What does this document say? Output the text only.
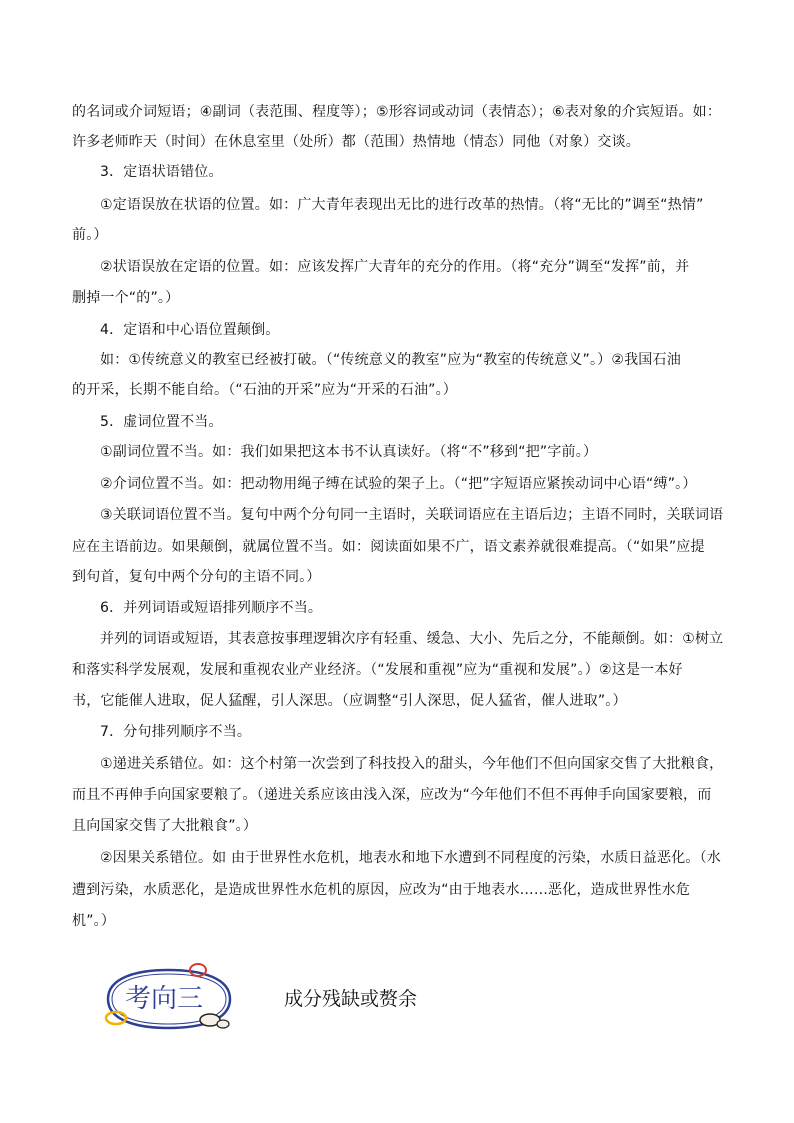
的名词或介词短语；④副词（表范围、程度等）；⑤形容词或动词（表情态）；⑥表对象的介宾短语。如：
许多老师昨天（时间）在休息室里（处所）都（范围）热情地（情态）同他（对象）交谈。
3．定语状语错位。
①定语误放在状语的位置。如：广大青年表现出无比的进行改革的热情。（将“无比的”调至“热情”
前。）
②状语误放在定语的位置。如：应该发挥广大青年的充分的作用。（将“充分”调至“发挥”前，并
删掉一个“的”。）
4．定语和中心语位置颠倒。
如：①传统意义的教室已经被打破。（“传统意义的教室”应为“教室的传统意义”。）②我国石油
的开采，长期不能自给。（“石油的开采”应为“开采的石油”。）
5．虚词位置不当。
①副词位置不当。如：我们如果把这本书不认真读好。（将“不”移到“把”字前。）
②介词位置不当。如：把动物用绳子缚在试验的架子上。（“把”字短语应紧挨动词中心语“缚”。）
③关联词语位置不当。复句中两个分句同一主语时，关联词语应在主语后边；主语不同时，关联词语
应在主语前边。如果颠倒，就属位置不当。如：阅读面如果不广，语文素养就很难提高。（“如果”应提
到句首，复句中两个分句的主语不同。）
6．并列词语或短语排列顺序不当。
并列的词语或短语，其表意按事理逻辑次序有轻重、缓急、大小、先后之分，不能颠倒。如：①树立
和落实科学发展观，发展和重视农业产业经济。（“发展和重视”应为“重视和发展”。）②这是一本好
书，它能催人进取，促人猛醒，引人深思。（应调整“引人深思，促人猛省，催人进取”。）
7．分句排列顺序不当。
①递进关系错位。如：这个村第一次尝到了科技投入的甜头，今年他们不但向国家交售了大批粮食，
而且不再伸手向国家要粮了。（递进关系应该由浅入深，应改为“今年他们不但不再伸手向国家要粮，而
且向国家交售了大批粮食”。）
②因果关系错位。如 由于世界性水危机，地表水和地下水遭到不同程度的污染，水质日益恶化。（水
遭到污染，水质恶化，是造成世界性水危机的原因，应改为“由于地表水……恶化，造成世界性水危
机”。）
考向三	成分残缺或赘余
